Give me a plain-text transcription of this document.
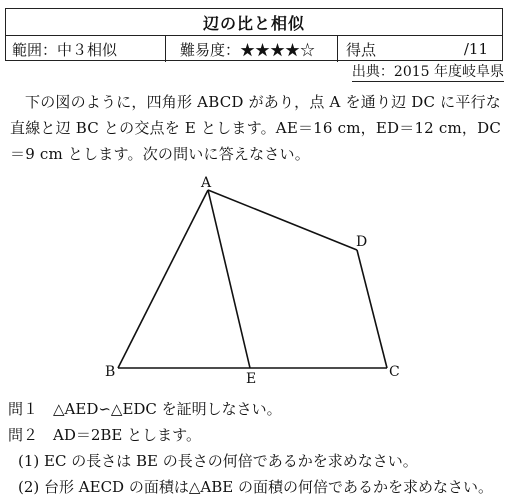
辺の比と相似
範囲：中３相似	難易度：★★★★☆	得点	/11
出典：2015 年度岐阜県
下の図のように，四角形 ABCD があり，点 A を通り辺 DC に平行な直線と辺 BC との交点を E とします。AE＝16 cm，ED＝12 cm，DC＝9 cm とします。次の問いに答えなさい。
A
B	C
D
E
問１　△AED∽△EDC を証明しなさい。
問２　AD＝2BE とします。
(1) EC の長さは BE の長さの何倍であるかを求めなさい。
(2) 台形 AECD の面積は△ABE の面積の何倍であるかを求めなさい。
